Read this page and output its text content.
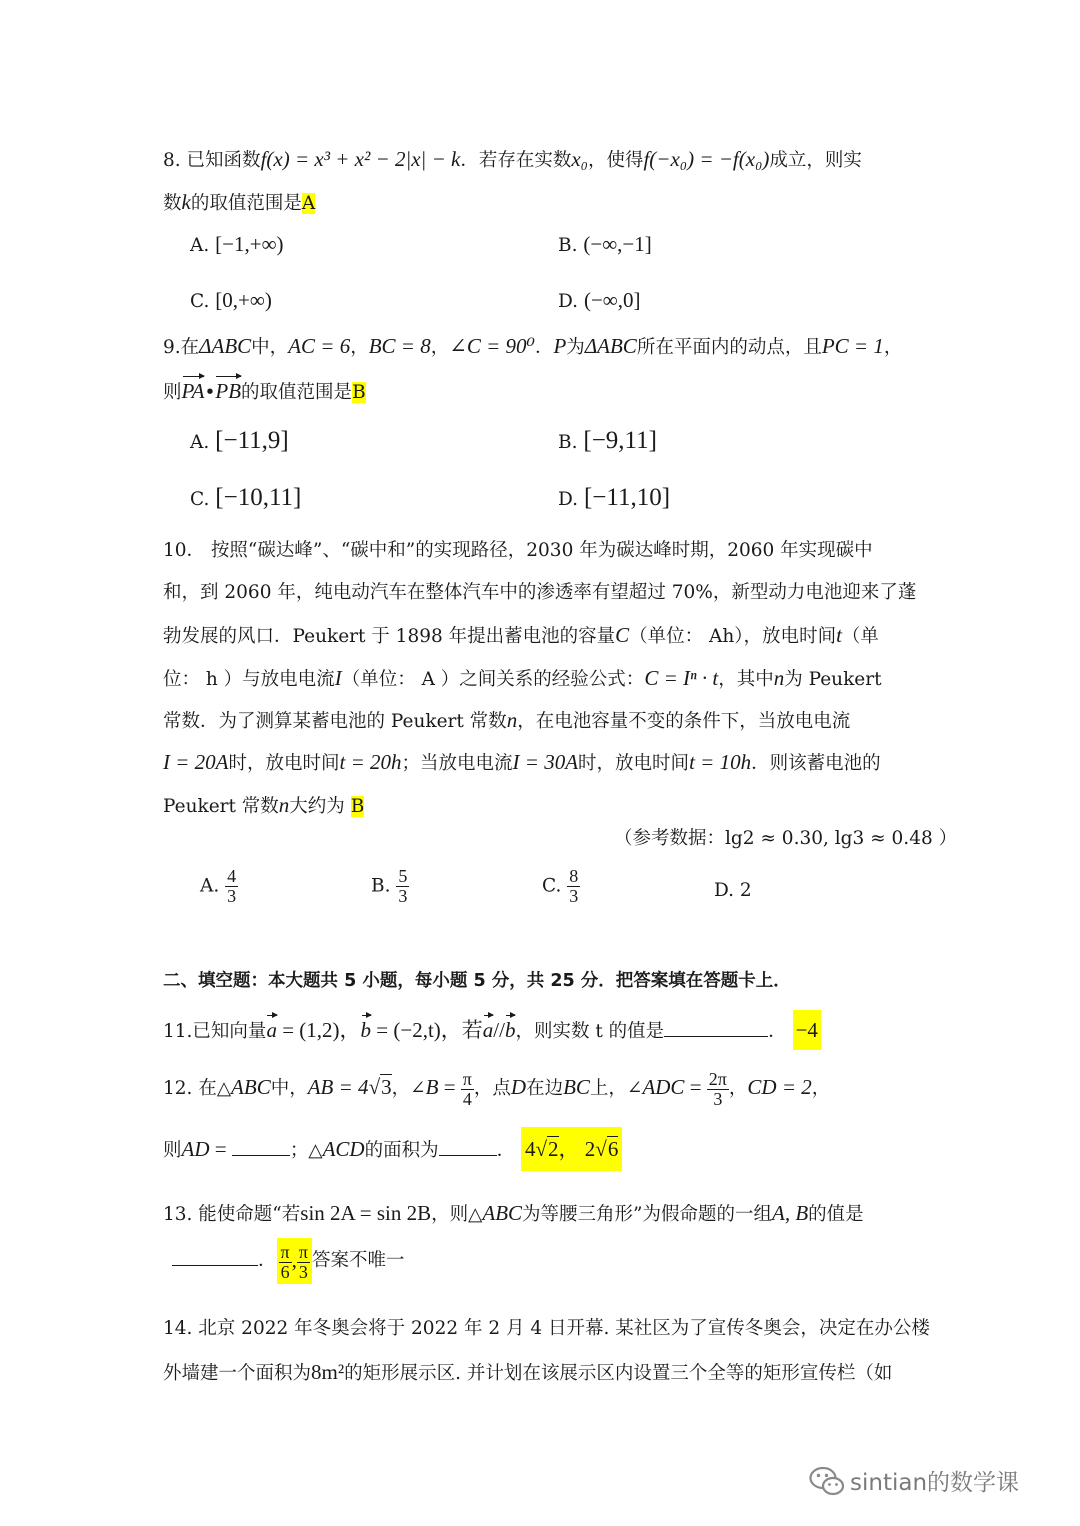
8. 已知函数f(x) = x³ + x² − 2|x| − k．若存在实数x₀，使得f(−x₀) = −f(x₀)成立，则实
数k的取值范围是A
A. [−1,+∞)	B. (−∞,−1]
C. [0,+∞)	D. (−∞,0]
9.在ΔABC中，AC = 6，BC = 8，∠C = 90⁰．P为ΔABC所在平面内的动点，且PC = 1，
则PA•PB的取值范围是B
A. [−11,9]	B. [−9,11]
C. [−10,11]	D. [−11,10]
10． 按照“碳达峰”、“碳中和”的实现路径，2030 年为碳达峰时期，2060 年实现碳中
和，到 2060 年，纯电动汽车在整体汽车中的渗透率有望超过 70%，新型动力电池迎来了蓬
勃发展的风口．Peukert 于 1898 年提出蓄电池的容量C（单位： Ah），放电时间t（单
位： h ）与放电电流I（单位： A ）之间关系的经验公式：C = Iⁿ · t，其中n为 Peukert
常数．为了测算某蓄电池的 Peukert 常数n，在电池容量不变的条件下，当放电电流
I = 20A时，放电时间t = 20h；当放电电流I = 30A时，放电时间t = 10h．则该蓄电池的
Peukert 常数n大约为 B
（参考数据：lg2 ≈ 0.30, lg3 ≈ 0.48 ）
A. $\frac{4}{3}$	B. $\frac{5}{3}$	C. $\frac{8}{3}$	D. 2
二、填空题：本大题共 5 小题，每小题 5 分，共 25 分．把答案填在答题卡上．
11.已知向量a = (1,2)，b = (−2,t)，若a//b，则实数 t 的值是	． −4
12. 在△ABC中，AB = 4√3，∠B = $\frac{\pi}{4}$ ，点D在边BC上，∠ADC = $\frac{2\pi}{3}$ ，CD = 2，
则AD =	；△ACD的面积为	． 4√2， 2√6
13. 能使命题“若sin 2A = sin 2B，则△ABC为等腰三角形”为假命题的一组A, B的值是
． $\frac{\pi}{6}$ , $\frac{\pi}{3}$ 答案不唯一
14. 北京 2022 年冬奥会将于 2022 年 2 月 4 日开幕. 某社区为了宣传冬奥会，决定在办公楼
外墙建一个面积为8m²的矩形展示区. 并计划在该展示区内设置三个全等的矩形宣传栏（如
sintian的数学课
